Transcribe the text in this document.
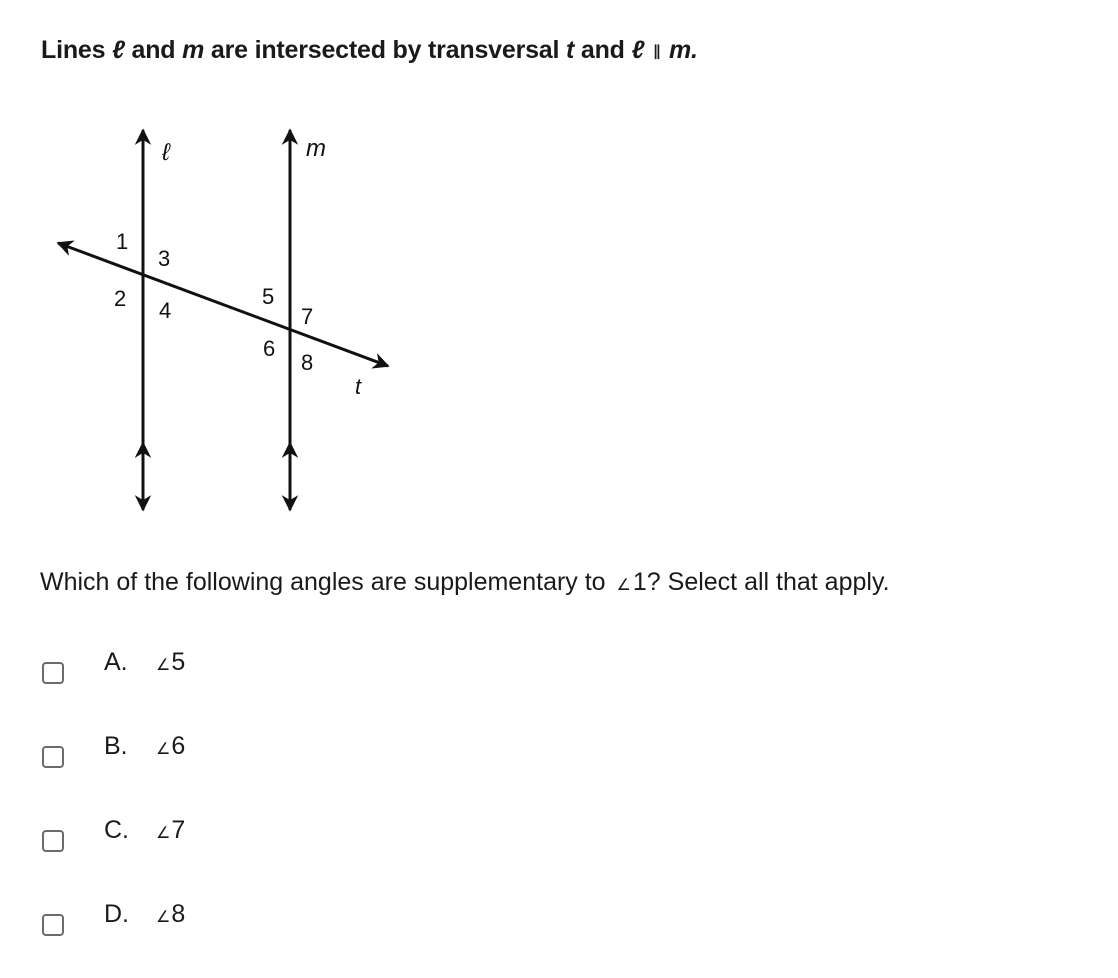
Lines ℓ and m are intersected by transversal t and ℓ ∥ m.
ℓ	m
t
1
3
2 4
5
7
6
8
Which of the following angles are supplementary to ∠1? Select all that apply.
A.	∠5
B.	∠6
C.	∠7
D.	∠8
